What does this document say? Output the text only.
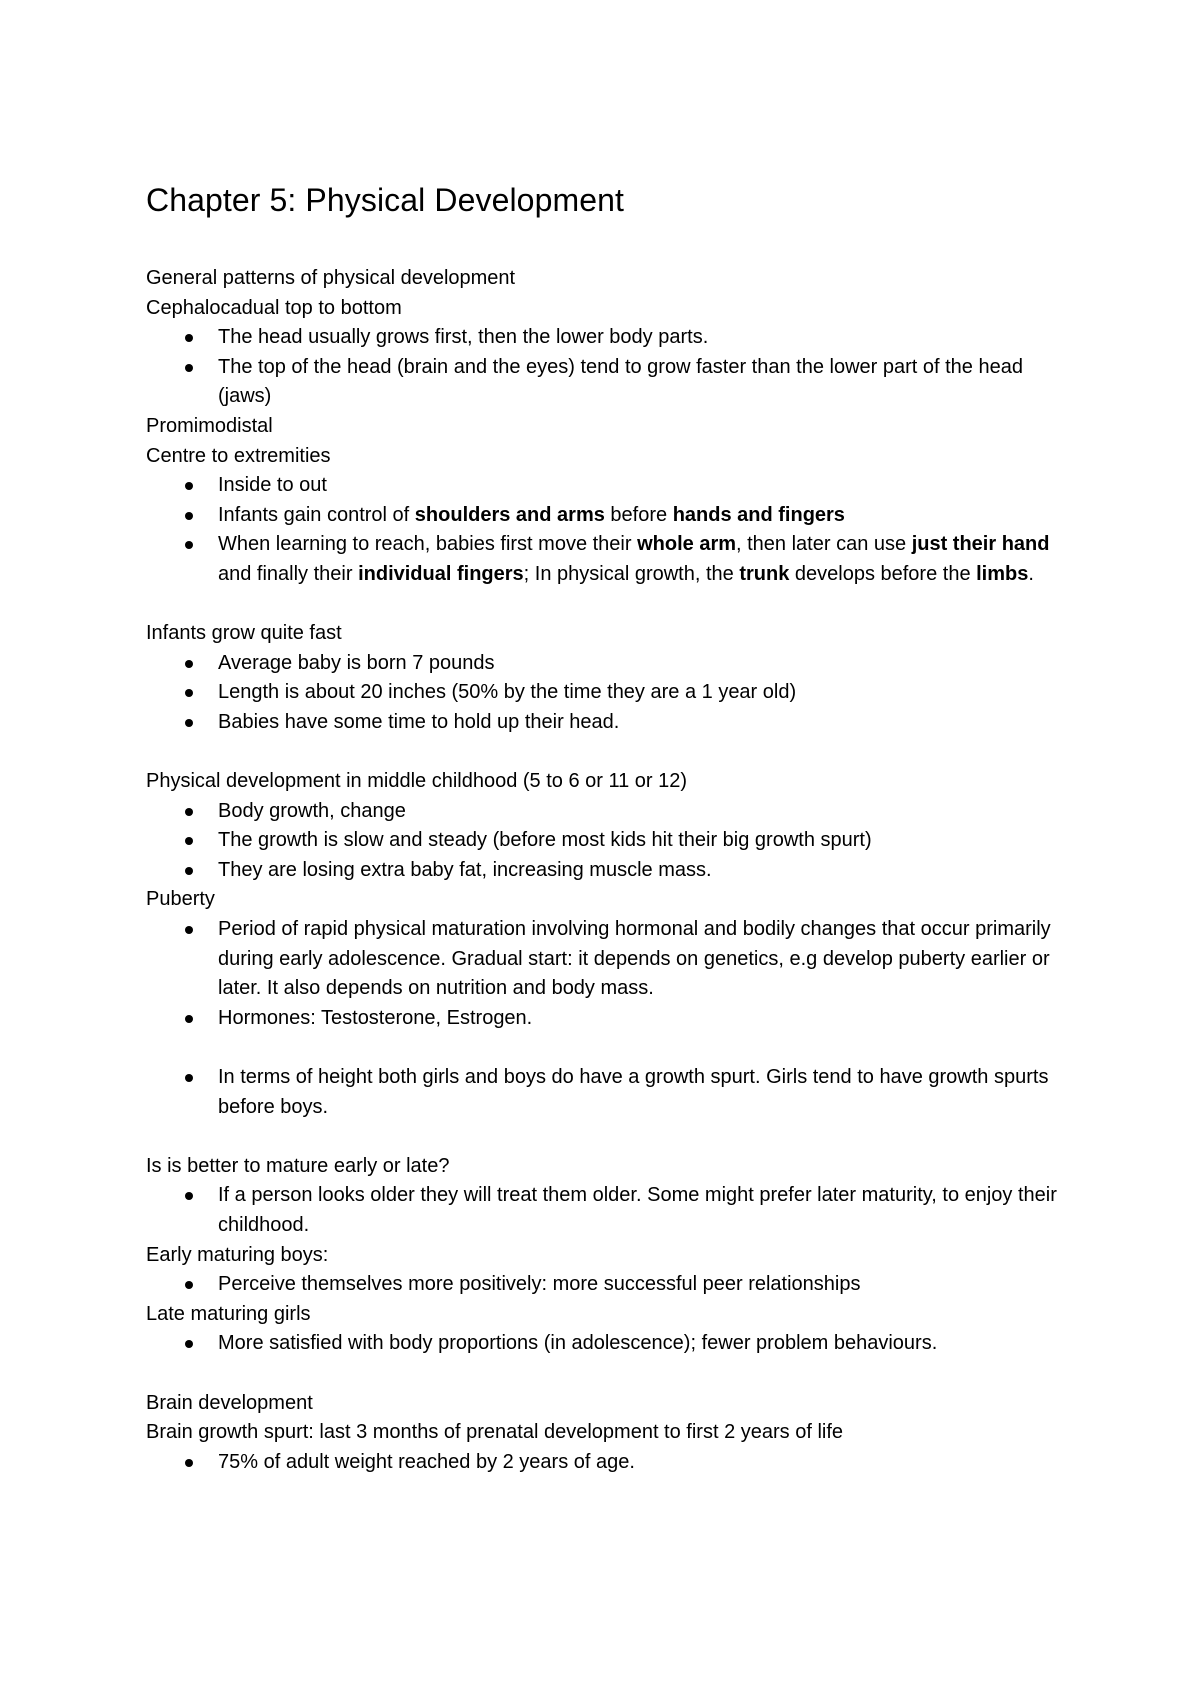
Chapter 5: Physical Development

General patterns of physical development

Cephalocadual top to bottom

The head usually grows first, then the lower body parts.
The top of the head (brain and the eyes) tend to grow faster than the lower part of the head (jaws)

Promimodistal

Centre to extremities

Inside to out
Infants gain control of shoulders and arms before hands and fingers
When learning to reach, babies first move their whole arm, then later can use just their hand and finally their individual fingers; In physical growth, the trunk develops before the limbs.

Infants grow quite fast

Average baby is born 7 pounds
Length is about 20 inches (50% by the time they are a 1 year old)
Babies have some time to hold up their head.

Physical development in middle childhood (5 to 6 or 11 or 12)

Body growth, change
The growth is slow and steady (before most kids hit their big growth spurt)
They are losing extra baby fat, increasing muscle mass.

Puberty

Period of rapid physical maturation involving hormonal and bodily changes that occur primarily during early adolescence. Gradual start: it depends on genetics, e.g develop puberty earlier or later. It also depends on nutrition and body mass.
Hormones: Testosterone, Estrogen.
In terms of height both girls and boys do have a growth spurt. Girls tend to have growth spurts before boys.

Is is better to mature early or late?

If a person looks older they will treat them older. Some might prefer later maturity, to enjoy their childhood.

Early maturing boys:

Perceive themselves more positively: more successful peer relationships

Late maturing girls

More satisfied with body proportions (in adolescence); fewer problem behaviours.

Brain development

Brain growth spurt: last 3 months of prenatal development to first 2 years of life

75% of adult weight reached by 2 years of age.
